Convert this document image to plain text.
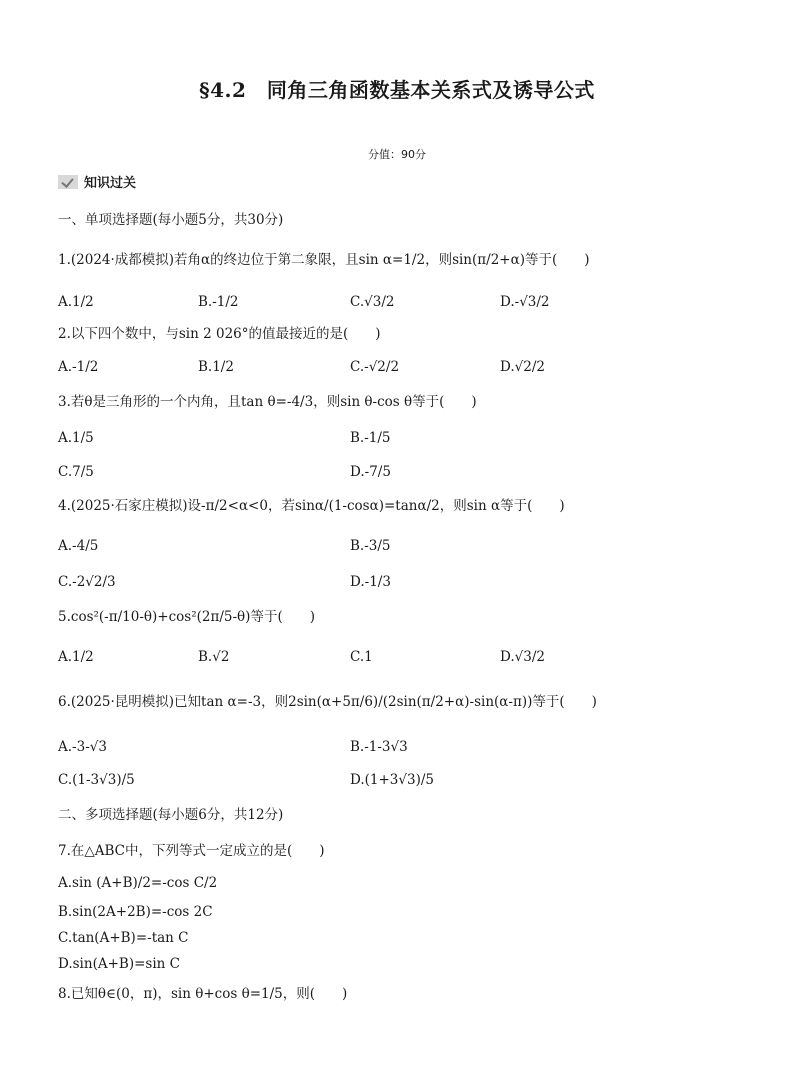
§4.2　同角三角函数基本关系式及诱导公式
分值：90分
知识过关
一、单项选择题(每小题5分，共30分)
1.(2024·成都模拟)若角α的终边位于第二象限，且sin α=1/2，则sin(π/2+α)等于(　　)
A.1/2	B.-1/2	C.√3/2	D.-√3/2
2.以下四个数中，与sin 2 026°的值最接近的是(　　)
A.-1/2	B.1/2	C.-√2/2	D.√2/2
3.若θ是三角形的一个内角，且tan θ=-4/3，则sin θ-cos θ等于(　　)
A.1/5	B.-1/5
C.7/5	D.-7/5
4.(2025·石家庄模拟)设-π/2<α<0，若sinα/(1-cosα)=tanα/2，则sin α等于(　　)
A.-4/5	B.-3/5
C.-2√2/3	D.-1/3
5.cos²(-π/10-θ)+cos²(2π/5-θ)等于(　　)
A.1/2	B.√2	C.1	D.√3/2
6.(2025·昆明模拟)已知tan α=-3，则2sin(α+5π/6)/(2sin(π/2+α)-sin(α-π))等于(　　)
A.-3-√3	B.-1-3√3
C.(1-3√3)/5	D.(1+3√3)/5
二、多项选择题(每小题6分，共12分)
7.在△ABC中，下列等式一定成立的是(　　)
A.sin (A+B)/2=-cos C/2
B.sin(2A+2B)=-cos 2C
C.tan(A+B)=-tan C
D.sin(A+B)=sin C
8.已知θ∈(0，π)，sin θ+cos θ=1/5，则(　　)
